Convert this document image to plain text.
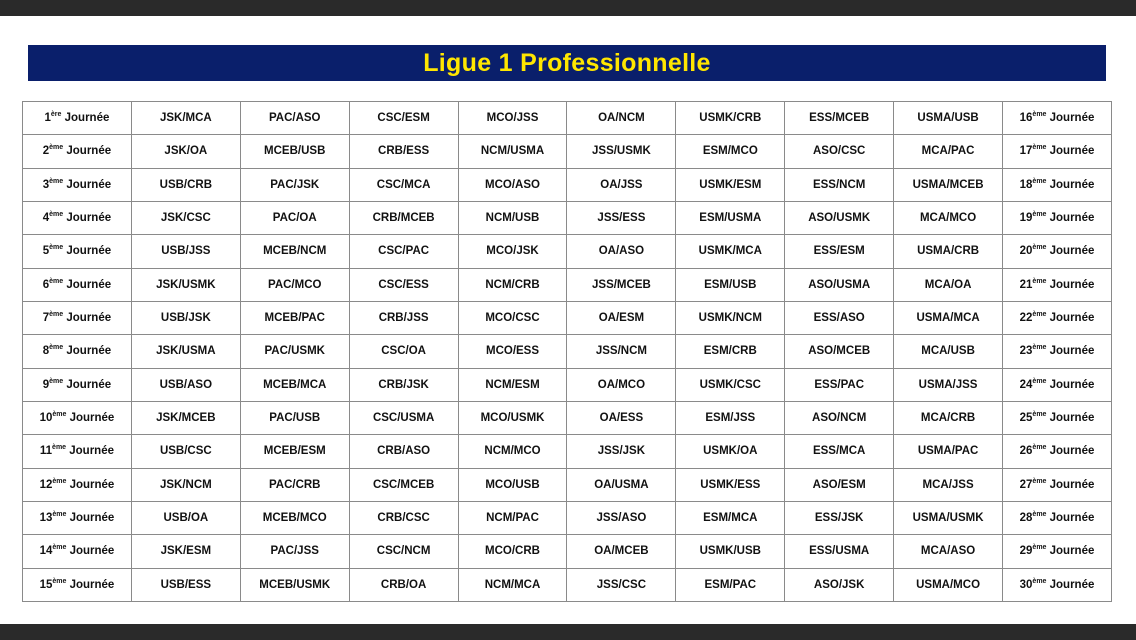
Ligue 1 Professionnelle
1ère Journée	JSK/MCA	PAC/ASO	CSC/ESM	MCO/JSS	OA/NCM	USMK/CRB	ESS/MCEB	USMA/USB	16ème Journée
2ème Journée	JSK/OA	MCEB/USB	CRB/ESS	NCM/USMA	JSS/USMK	ESM/MCO	ASO/CSC	MCA/PAC	17ème Journée
3ème Journée	USB/CRB	PAC/JSK	CSC/MCA	MCO/ASO	OA/JSS	USMK/ESM	ESS/NCM	USMA/MCEB	18ème Journée
4ème Journée	JSK/CSC	PAC/OA	CRB/MCEB	NCM/USB	JSS/ESS	ESM/USMA	ASO/USMK	MCA/MCO	19ème Journée
5ème Journée	USB/JSS	MCEB/NCM	CSC/PAC	MCO/JSK	OA/ASO	USMK/MCA	ESS/ESM	USMA/CRB	20ème Journée
6ème Journée	JSK/USMK	PAC/MCO	CSC/ESS	NCM/CRB	JSS/MCEB	ESM/USB	ASO/USMA	MCA/OA	21ème Journée
7ème Journée	USB/JSK	MCEB/PAC	CRB/JSS	MCO/CSC	OA/ESM	USMK/NCM	ESS/ASO	USMA/MCA	22ème Journée
8ème Journée	JSK/USMA	PAC/USMK	CSC/OA	MCO/ESS	JSS/NCM	ESM/CRB	ASO/MCEB	MCA/USB	23ème Journée
9ème Journée	USB/ASO	MCEB/MCA	CRB/JSK	NCM/ESM	OA/MCO	USMK/CSC	ESS/PAC	USMA/JSS	24ème Journée
10ème Journée	JSK/MCEB	PAC/USB	CSC/USMA	MCO/USMK	OA/ESS	ESM/JSS	ASO/NCM	MCA/CRB	25ème Journée
11ème Journée	USB/CSC	MCEB/ESM	CRB/ASO	NCM/MCO	JSS/JSK	USMK/OA	ESS/MCA	USMA/PAC	26ème Journée
12ème Journée	JSK/NCM	PAC/CRB	CSC/MCEB	MCO/USB	OA/USMA	USMK/ESS	ASO/ESM	MCA/JSS	27ème Journée
13ème Journée	USB/OA	MCEB/MCO	CRB/CSC	NCM/PAC	JSS/ASO	ESM/MCA	ESS/JSK	USMA/USMK	28ème Journée
14ème Journée	JSK/ESM	PAC/JSS	CSC/NCM	MCO/CRB	OA/MCEB	USMK/USB	ESS/USMA	MCA/ASO	29ème Journée
15ème Journée	USB/ESS	MCEB/USMK	CRB/OA	NCM/MCA	JSS/CSC	ESM/PAC	ASO/JSK	USMA/MCO	30ème Journée
